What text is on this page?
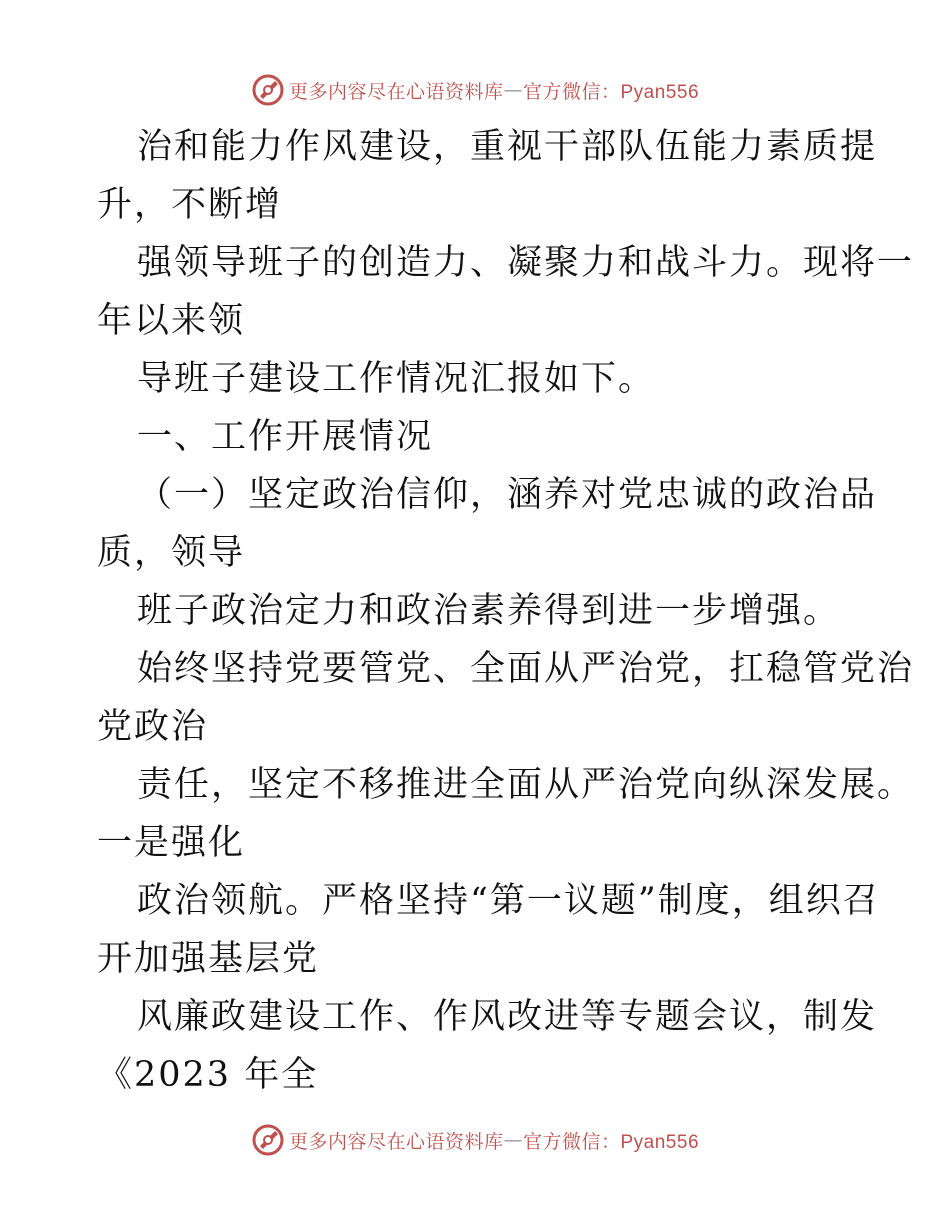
更多内容尽在心语资料库 — 官方微信：Pyan556
治和能力作风建设，重视干部队伍能力素质提
升，不断增
强领导班子的创造力、凝聚力和战斗力。现将一
年以来领
导班子建设工作情况汇报如下。
一、工作开展情况
（一）坚定政治信仰，涵养对党忠诚的政治品
质，领导
班子政治定力和政治素养得到进一步增强。
始终坚持党要管党、全面从严治党，扛稳管党治
党政治
责任，坚定不移推进全面从严治党向纵深发展。
一是强化
政治领航。严格坚持“第一议题”制度，组织召
开加强基层党
风廉政建设工作、作风改进等专题会议，制发
《2023 年全
更多内容尽在心语资料库 — 官方微信：Pyan556
